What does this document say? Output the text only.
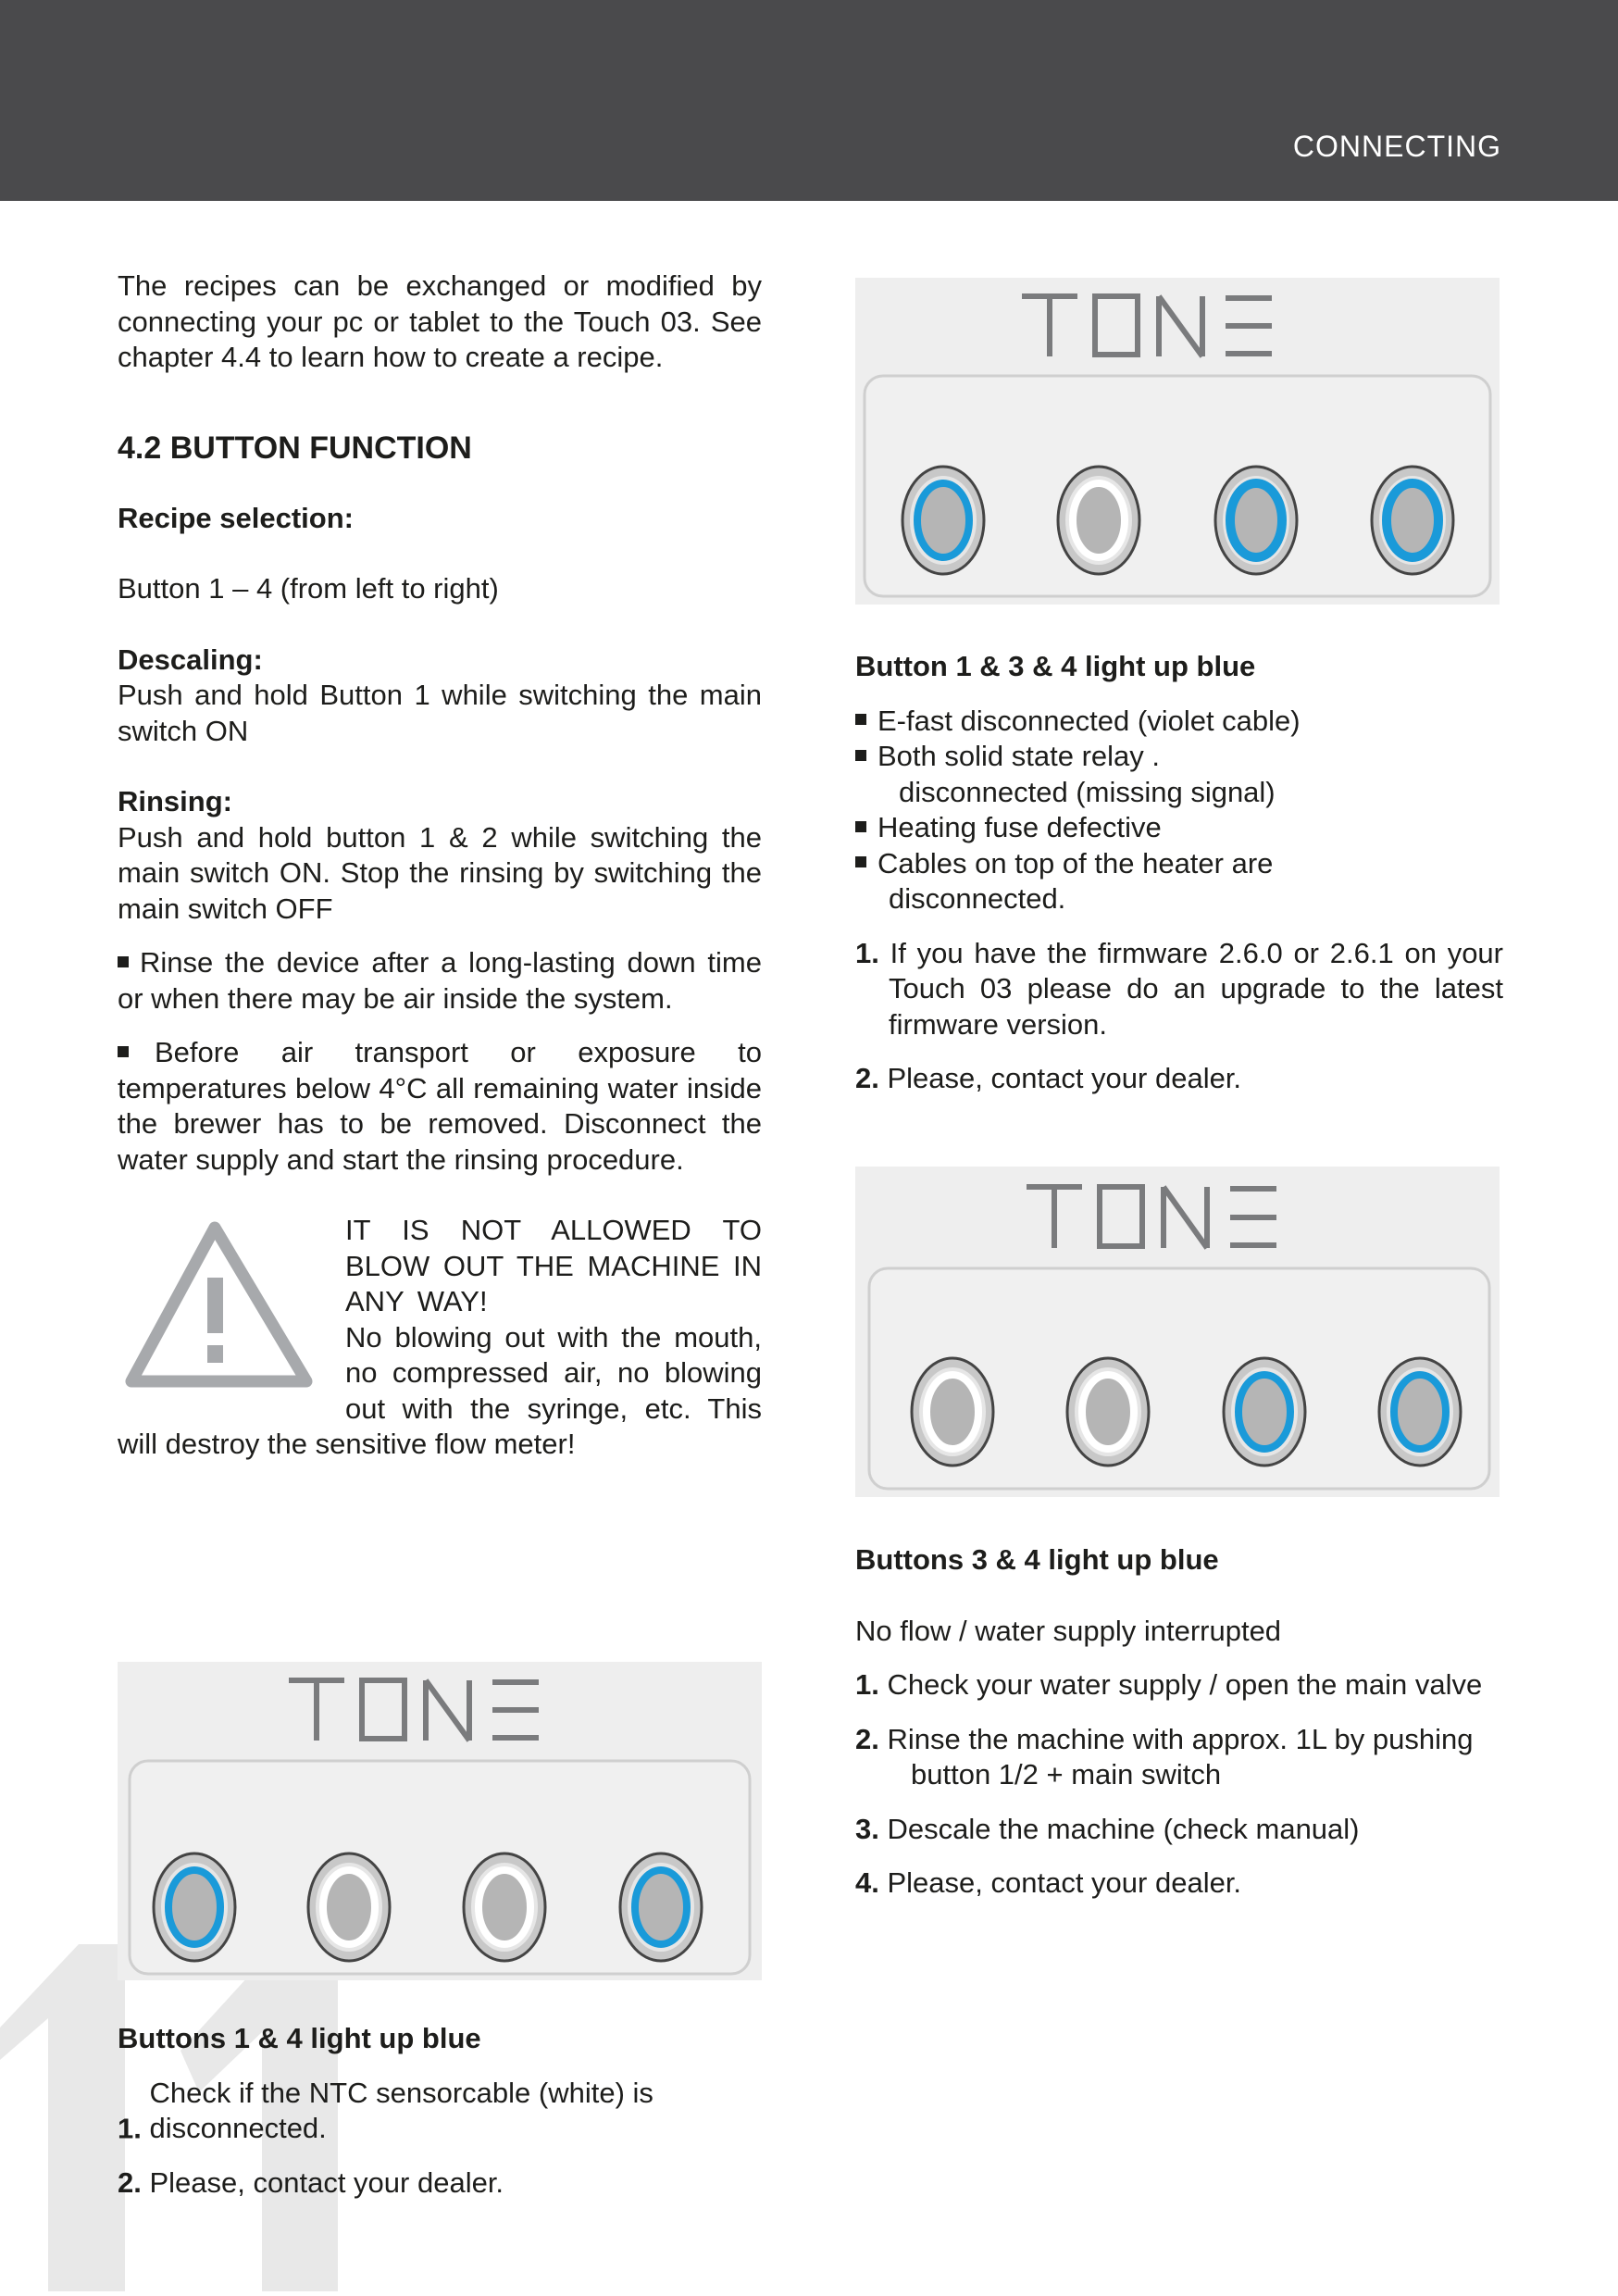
CONNECTING

The recipes can be exchanged or modified by connecting your pc or tablet to the Touch 03. See chapter 4.4 to learn how to create a recipe.

4.2 BUTTON FUNCTION

Recipe selection:

Button 1 – 4 (from left to right)

Descaling:

Push and hold Button 1 while switching the main switch ON

Rinsing:

Push and hold button 1 & 2 while switching the main switch ON. Stop the rinsing by switching the main switch OFF

Rinse the device after a long-lasting down time or when there may be air inside the system.

Before air transport or exposure to temperatures below 4°C all remaining water inside the brewer has to be removed. Disconnect the water supply and start the rinsing procedure.

IT IS NOT ALLOWED TO BLOW OUT THE MACHINE IN ANY WAY!

No blowing out with the mouth, no compressed air, no blowing out with the syringe, etc. This will destroy the sensitive flow meter!

Buttons 1 & 4 light up blue

1. Check if the NTC sensorcable (white) is disconnected.

2. Please, contact your dealer.

Button 1 & 3 & 4 light up blue

E-fast disconnected (violet cable)

Both solid state relay .

disconnected (missing signal)

Heating fuse defective

Cables on top of the heater are

disconnected.

1. If you have the firmware 2.6.0 or 2.6.1 on your Touch 03 please do an upgrade to the latest firmware version.

2. Please, contact your dealer.

Buttons 3 & 4 light up blue

No flow / water supply interrupted

1. Check your water supply / open the main valve

2. Rinse the machine with approx. 1L by pushing button 1/2 + main switch

3. Descale the machine (check manual)

4. Please, contact your dealer.
